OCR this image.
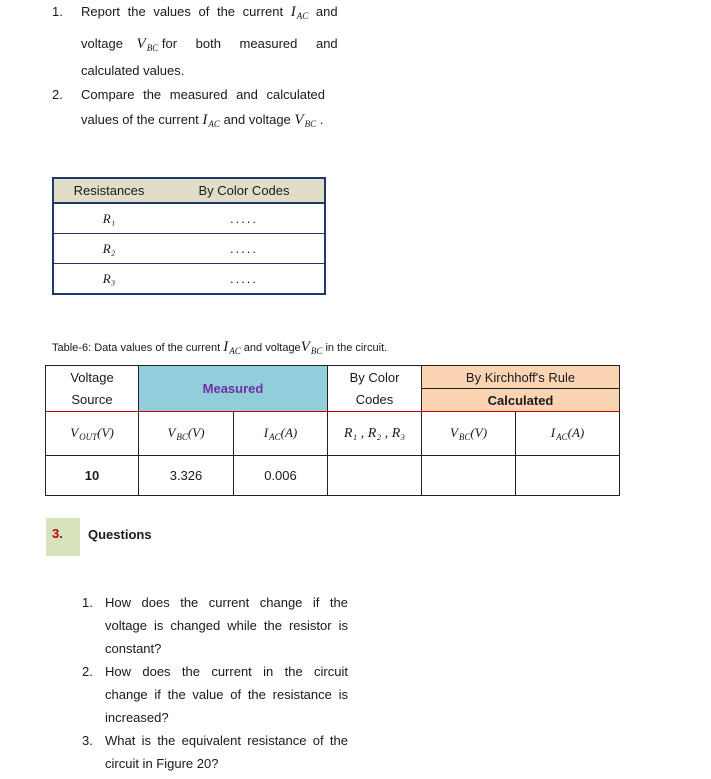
1. Report the values of the current $I_{AC}$ and
voltage $V_{BC}$ for both measured and
calculated values.
2. Compare the measured and calculated
values of the current $I_{AC}$ and voltage $V_{BC}$ .
Resistances	By Color Codes
R₁	.....
R₂	.....
R₃	.....
Table-6: Data values of the current $I_{AC}$ and voltageV$_{BC}$ in the circuit.
Voltage	Measured		By Color	By Kirchhoff's Rule	
Source			Codes	Calculated	
$V_{OUT}(V)$	$V_{BC}(V)$	$I_{AC}(A)$	R₁ , R₂ , R₃	$V_{BC}(V)$	$I_{AC}(A)$
10	3.326	0.006			
3.	Questions
1. How does the current change if the
voltage is changed while the resistor is
constant?
2. How does the current in the circuit
change if the value of the resistance is
increased?
3. What is the equivalent resistance of the
circuit in Figure 20?
